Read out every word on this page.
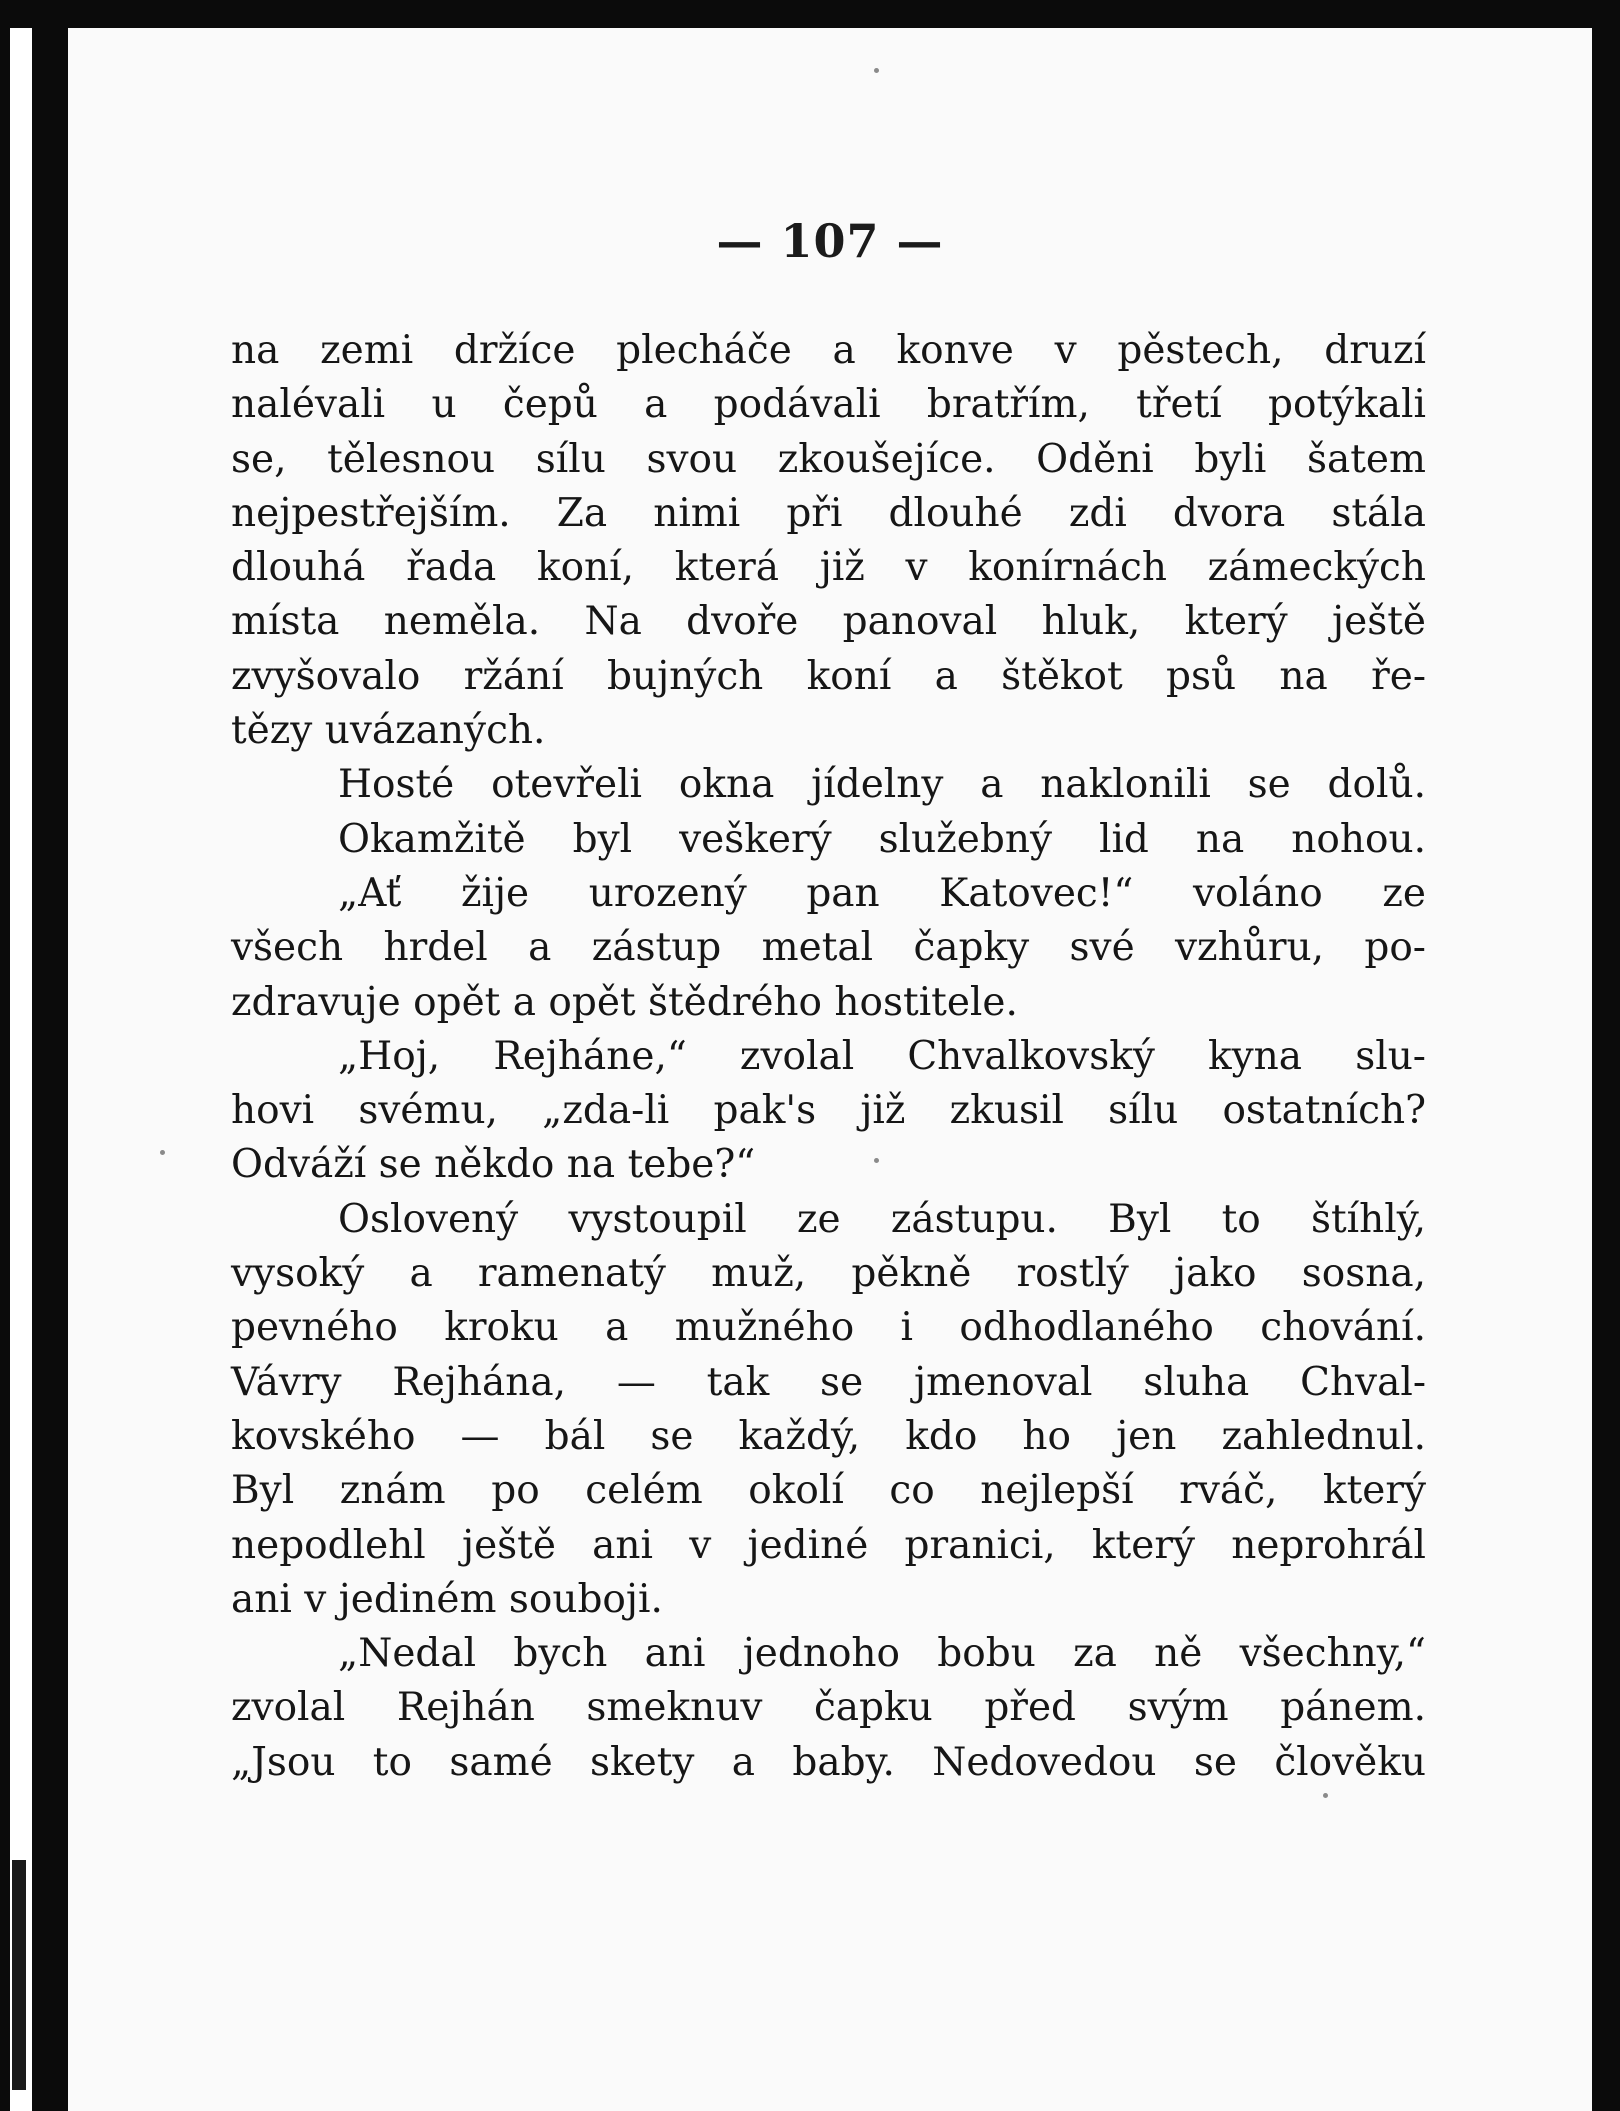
— 107 —
na zemi držíce plecháče a konve v pěstech, druzí
nalévali u čepů a podávali bratřím, třetí potýkali
se, tělesnou sílu svou zkoušejíce. Oděni byli šatem
nejpestřejším. Za nimi při dlouhé zdi dvora stála
dlouhá řada koní, která již v konírnách zámeckých
místa neměla. Na dvoře panoval hluk, který ještě
zvyšovalo ržání bujných koní a štěkot psů na ře-
tězy uvázaných.
Hosté otevřeli okna jídelny a naklonili se dolů.
Okamžitě byl veškerý služebný lid na nohou.
„Ať žije urozený pan Katovec!“ voláno ze
všech hrdel a zástup metal čapky své vzhůru, po-
zdravuje opět a opět štědrého hostitele.
„Hoj, Rejháne,“ zvolal Chvalkovský kyna slu-
hovi svému, „zda-li pak's již zkusil sílu ostatních?
Odváží se někdo na tebe?“
Oslovený vystoupil ze zástupu. Byl to štíhlý,
vysoký a ramenatý muž, pěkně rostlý jako sosna,
pevného kroku a mužného i odhodlaného chování.
Vávry Rejhána, — tak se jmenoval sluha Chval-
kovského — bál se každý, kdo ho jen zahlednul.
Byl znám po celém okolí co nejlepší rváč, který
nepodlehl ještě ani v jediné pranici, který neprohrál
ani v jediném souboji.
„Nedal bych ani jednoho bobu za ně všechny,“
zvolal Rejhán smeknuv čapku před svým pánem.
„Jsou to samé skety a baby. Nedovedou se člověku
